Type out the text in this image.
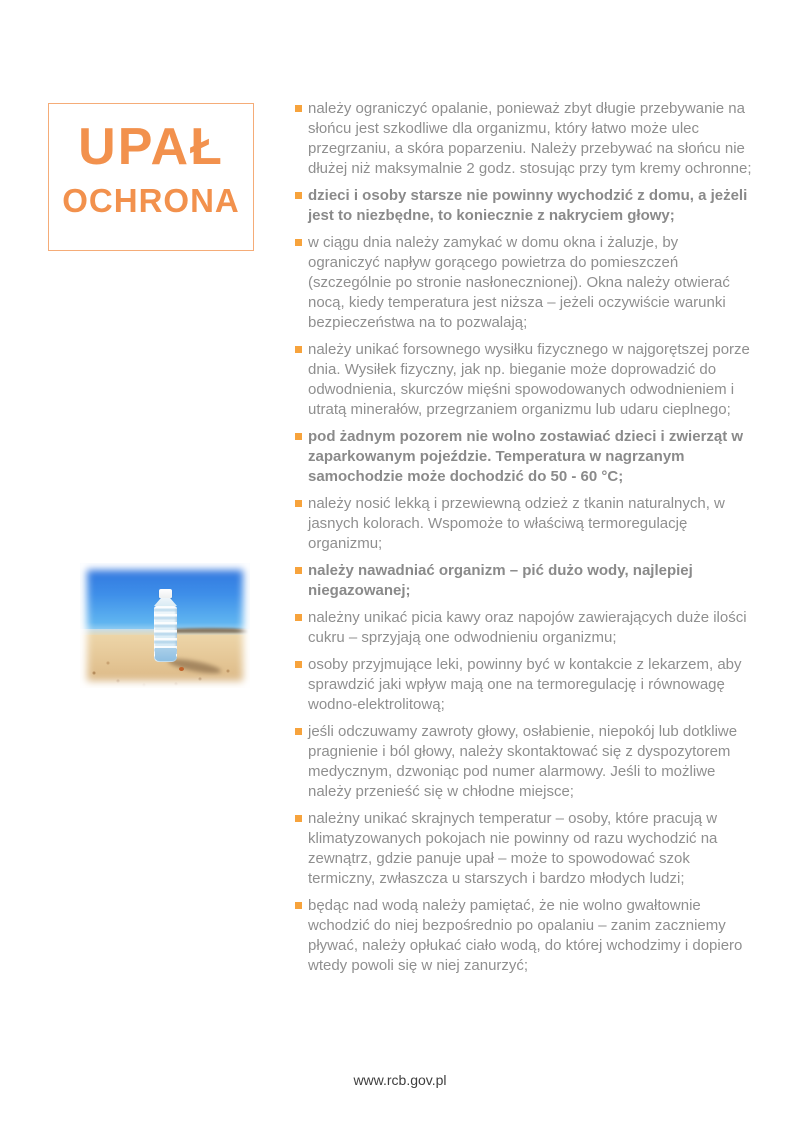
UPAŁ
OCHRONA
należy ograniczyć opalanie, ponieważ zbyt długie przebywanie na słońcu jest szkodliwe dla organizmu, który łatwo może ulec przegrzaniu, a skóra poparzeniu. Należy przebywać na słońcu nie dłużej niż maksymalnie 2 godz. stosując przy tym kremy ochronne;
dzieci i osoby starsze nie powinny wychodzić z domu, a jeżeli jest to niezbędne, to koniecznie z nakryciem głowy;
w ciągu dnia należy zamykać w domu okna i żaluzje, by ograniczyć napływ gorącego powietrza do pomieszczeń (szczególnie po stronie nasłonecznionej). Okna należy otwierać nocą, kiedy temperatura jest niższa – jeżeli oczywiście warunki bezpieczeństwa na to pozwalają;
należy unikać forsownego wysiłku fizycznego w najgorętszej porze dnia. Wysiłek fizyczny, jak np. bieganie może doprowadzić do odwodnienia, skurczów mięśni spowodowanych odwodnieniem i utratą minerałów, przegrzaniem organizmu lub udaru cieplnego;
pod żadnym pozorem nie wolno zostawiać dzieci i zwierząt w zaparkowanym pojeździe. Temperatura w nagrzanym samochodzie może dochodzić do 50 - 60 °C;
należy nosić lekką i przewiewną odzież z tkanin naturalnych, w jasnych kolorach. Wspomoże to właściwą termoregulację organizmu;
należy nawadniać organizm – pić dużo wody, najlepiej niegazowanej;
należny unikać picia kawy oraz napojów zawierających duże ilości cukru – sprzyjają one odwodnieniu organizmu;
osoby przyjmujące leki, powinny być w kontakcie z lekarzem, aby sprawdzić jaki wpływ mają one na termoregulację i równowagę wodno-elektrolitową;
jeśli odczuwamy zawroty głowy, osłabienie, niepokój lub dotkliwe pragnienie i ból głowy, należy skontaktować się z dyspozytorem medycznym, dzwoniąc pod numer alarmowy. Jeśli to możliwe należy przenieść się w chłodne miejsce;
należny unikać skrajnych temperatur – osoby, które pracują w klimatyzowanych pokojach nie powinny od razu wychodzić na zewnątrz, gdzie panuje upał – może to spowodować szok termiczny, zwłaszcza u starszych i bardzo młodych ludzi;
będąc nad wodą należy pamiętać, że nie wolno gwałtownie wchodzić do niej bezpośrednio po opalaniu – zanim zaczniemy pływać, należy opłukać ciało wodą, do której wchodzimy i dopiero wtedy powoli się w niej zanurzyć;
www.rcb.gov.pl
